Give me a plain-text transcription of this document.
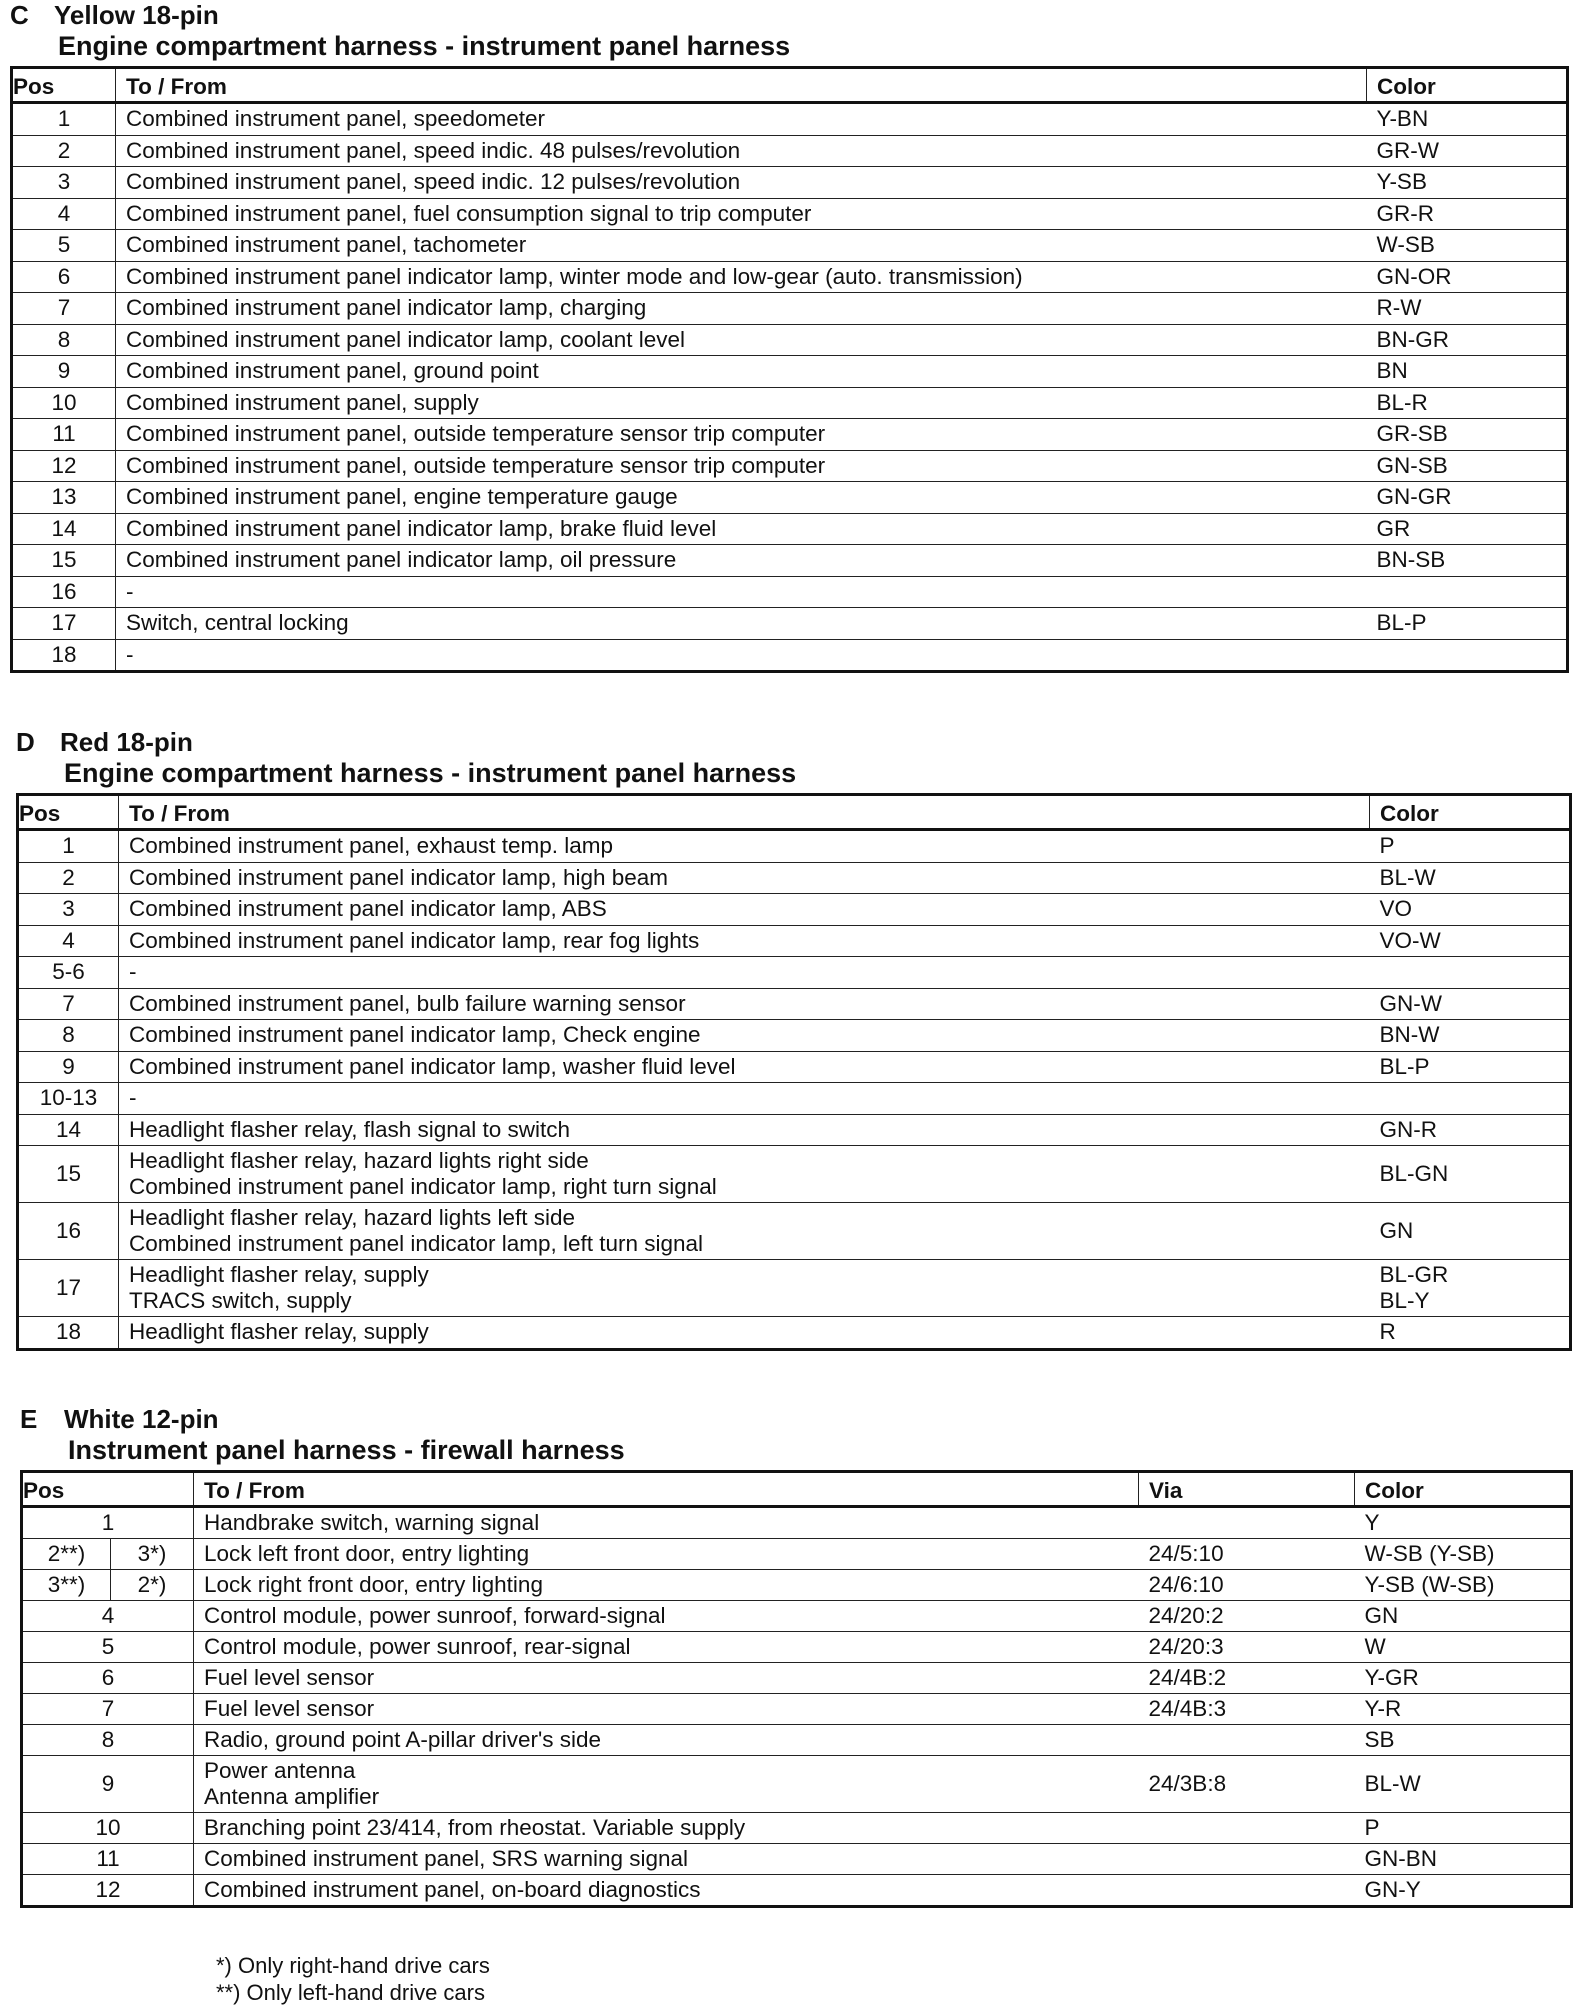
C Yellow 18-pin
Engine compartment harness - instrument panel harness
Pos	To / From	Color

1	Combined instrument panel, speedometer	Y-BN

2	Combined instrument panel, speed indic. 48 pulses/revolution	GR-W

3	Combined instrument panel, speed indic. 12 pulses/revolution	Y-SB

4	Combined instrument panel, fuel consumption signal to trip computer	GR-R

5	Combined instrument panel, tachometer	W-SB

6	Combined instrument panel indicator lamp, winter mode and low-gear (auto. transmission)	GN-OR

7	Combined instrument panel indicator lamp, charging	R-W

8	Combined instrument panel indicator lamp, coolant level	BN-GR

9	Combined instrument panel, ground point	BN

10	Combined instrument panel, supply	BL-R

11	Combined instrument panel, outside temperature sensor trip computer	GR-SB

12	Combined instrument panel, outside temperature sensor trip computer	GN-SB

13	Combined instrument panel, engine temperature gauge	GN-GR

14	Combined instrument panel indicator lamp, brake fluid level	GR

15	Combined instrument panel indicator lamp, oil pressure	BN-SB

16	-	

17	Switch, central locking	BL-P

18	-	

D Red 18-pin
Engine compartment harness - instrument panel harness
Pos	To / From	Color

1	Combined instrument panel, exhaust temp. lamp	P

2	Combined instrument panel indicator lamp, high beam	BL-W

3	Combined instrument panel indicator lamp, ABS	VO

4	Combined instrument panel indicator lamp, rear fog lights	VO-W

5-6	-	

7	Combined instrument panel, bulb failure warning sensor	GN-W

8	Combined instrument panel indicator lamp, Check engine	BN-W

9	Combined instrument panel indicator lamp, washer fluid level	BL-P

10-13	-	

14	Headlight flasher relay, flash signal to switch	GN-R

15	Headlight flasher relay, hazard lights right side
Combined instrument panel indicator lamp, right turn signal	BL-GN

16	Headlight flasher relay, hazard lights left side
Combined instrument panel indicator lamp, left turn signal	GN

17	Headlight flasher relay, supply
TRACS switch, supply	BL-GR
BL-Y

18	Headlight flasher relay, supply	R
E White 12-pin
Instrument panel harness - firewall harness
Pos		To / From	Via	Color

1		Handbrake switch, warning signal		Y

2**)	3*)	Lock left front door, entry lighting	24/5:10	W-SB (Y-SB)

3**)	2*)	Lock right front door, entry lighting	24/6:10	Y-SB (W-SB)

4		Control module, power sunroof, forward-signal	24/20:2	GN

5		Control module, power sunroof, rear-signal	24/20:3	W

6		Fuel level sensor	24/4B:2	Y-GR

7		Fuel level sensor	24/4B:3	Y-R

8		Radio, ground point A-pillar driver's side		SB

9		Power antenna
Antenna amplifier	24/3B:8	BL-W

10		Branching point 23/414, from rheostat. Variable supply		P

11		Combined instrument panel, SRS warning signal		GN-BN

12		Combined instrument panel, on-board diagnostics		GN-Y
*) Only right-hand drive cars
**) Only left-hand drive cars
